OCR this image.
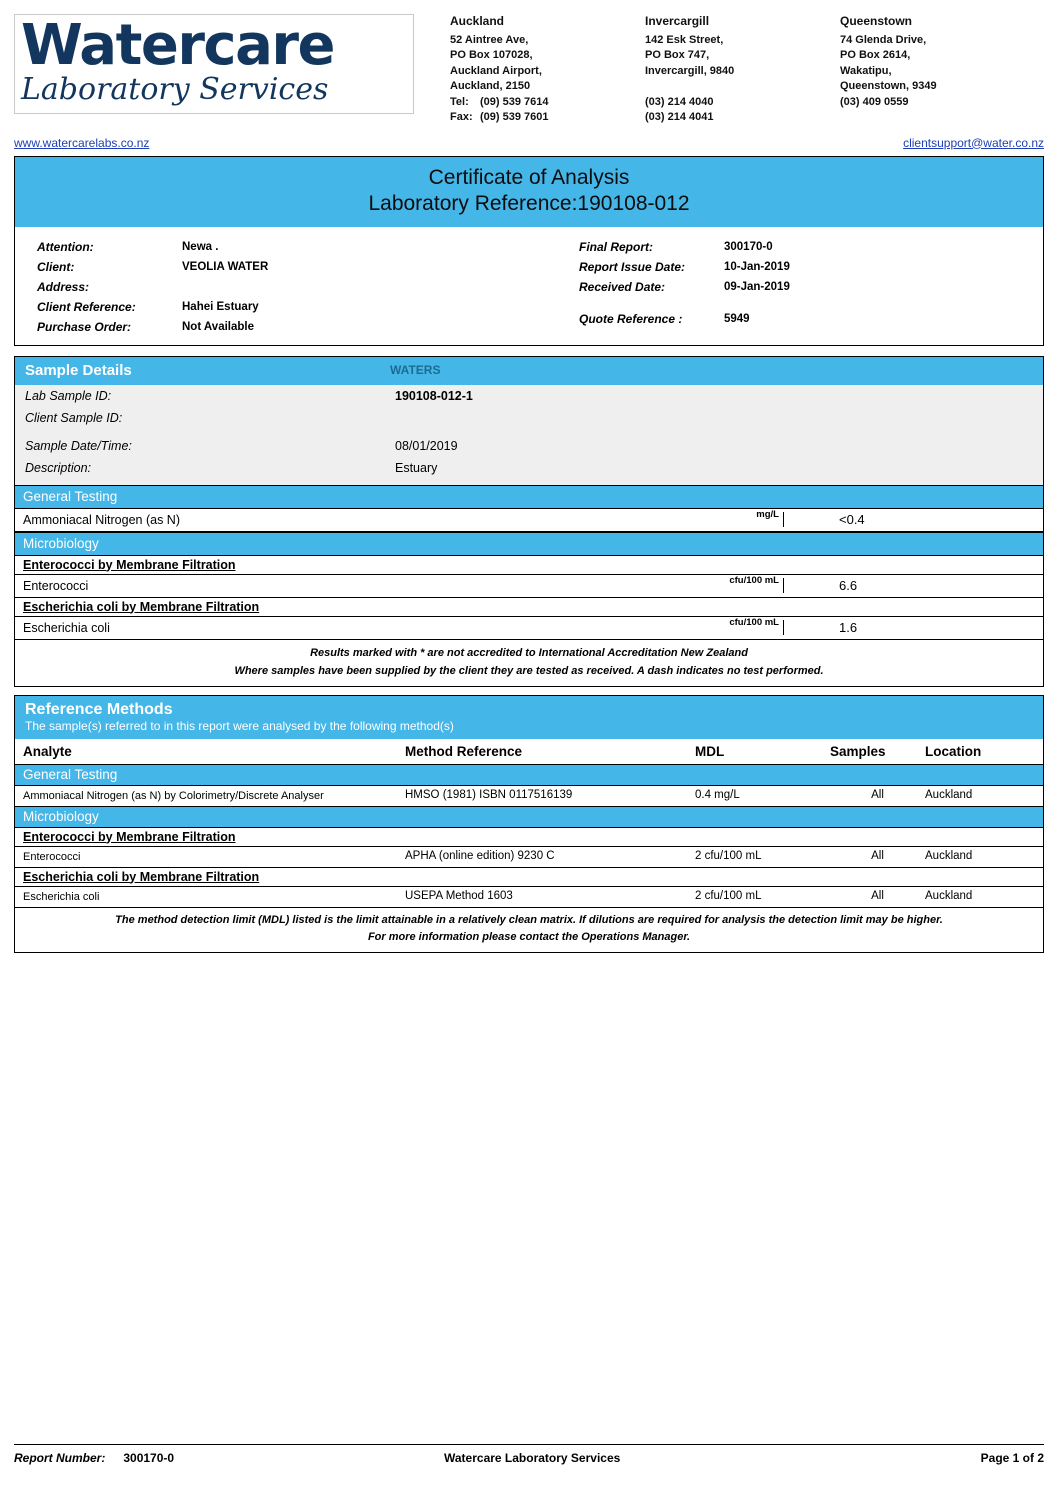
Watercare
Laboratory Services
Auckland
52 Aintree Ave,
PO Box 107028,
Auckland Airport,
Auckland, 2150
Tel:	(09) 539 7614
Fax: (09) 539 7601
Invercargill
142 Esk Street,
PO Box 747,
Invercargill, 9840

(03) 214 4040
(03) 214 4041
Queenstown
74 Glenda Drive,
PO Box 2614,
Wakatipu,
Queenstown, 9349
(03) 409 0559
www.watercarelabs.co.nz	clientsupport@water.co.nz
Certificate of Analysis
Laboratory Reference:190108-012
Attention:	Newa .
Client:	VEOLIA WATER
Address:
Client Reference:	Hahei Estuary
Purchase Order:	Not Available
Final Report:	300170-0
Report Issue Date:	10-Jan-2019
Received Date:	09-Jan-2019
Quote Reference :	5949
Sample Details	WATERS
Lab Sample ID:	190108-012-1
Client Sample ID:
Sample Date/Time:	08/01/2019
Description:	Estuary
General Testing
Ammoniacal Nitrogen (as N)	mg/L	<0.4
Microbiology
Enterococci by Membrane Filtration
Enterococci	cfu/100 mL	6.6
Escherichia coli by Membrane Filtration
Escherichia coli	cfu/100 mL	1.6
Results marked with * are not accredited to International Accreditation New Zealand
Where samples have been supplied by the client they are tested as received. A dash indicates no test performed.
Reference Methods
The sample(s) referred to in this report were analysed by the following method(s)
Analyte	Method Reference	MDL	Samples	Location
General Testing
Ammoniacal Nitrogen (as N) by Colorimetry/Discrete Analyser	HMSO (1981) ISBN 0117516139	0.4 mg/L	All	Auckland
Microbiology
Enterococci by Membrane Filtration
Enterococci	APHA (online edition) 9230 C	2 cfu/100 mL	All	Auckland
Escherichia coli by Membrane Filtration
Escherichia coli	USEPA Method 1603	2 cfu/100 mL	All	Auckland
The method detection limit (MDL) listed is the limit attainable in a relatively clean matrix. If dilutions are required for analysis the detection limit may be higher.
For more information please contact the Operations Manager.
Report Number: 300170-0	Watercare Laboratory Services	Page 1 of 2
